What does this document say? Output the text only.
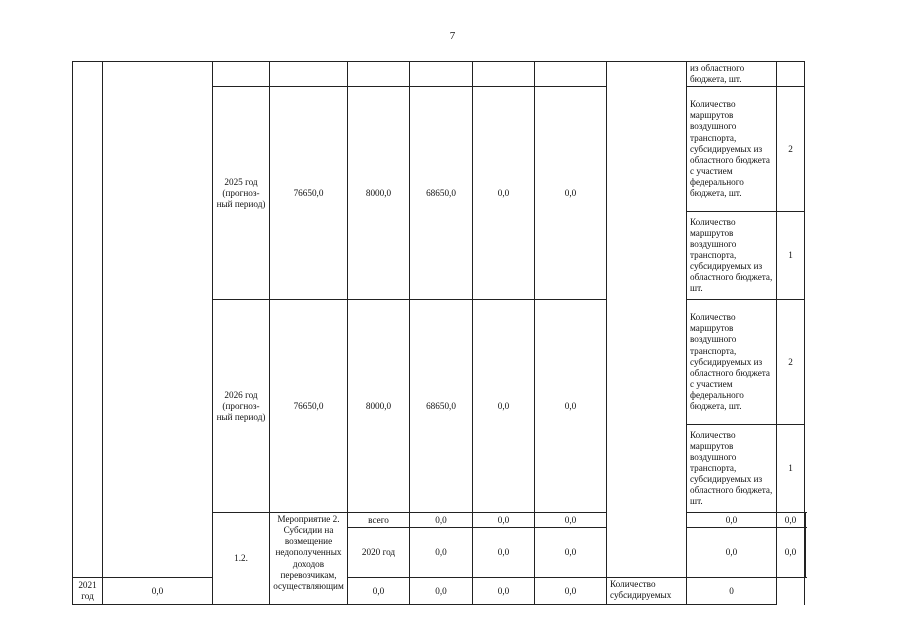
7
									из областного бюджета, шт.		
		2025 год (прогноз-ный период)	76650,0	8000,0	68650,0	0,0	0,0		Количество маршрутов воздушного транспорта, субсидируемых из областного бюджета с участием федерального бюджета, шт.	2	
									Количество маршрутов воздушного транспорта, субсидируемых из областного бюджета, шт.	1	
		2026 год (прогноз-ный период)	76650,0	8000,0	68650,0	0,0	0,0		Количество маршрутов воздушного транспорта, субсидируемых из областного бюджета с участием федерального бюджета, шт.	2	
									Количество маршрутов воздушного транспорта, субсидируемых из областного бюджета, шт.	1	
		1.2.	Мероприятие 2. Субсидии на возмещение недополученных доходов перевозчикам, осуществляющим	всего	0,0	0,0	0,0		0,0	0,0			
				2020 год	0,0	0,0	0,0		0,0	0,0		
2021 год	0,0			0,0	0,0	0,0	0,0	Количество субсидируемых	0		
